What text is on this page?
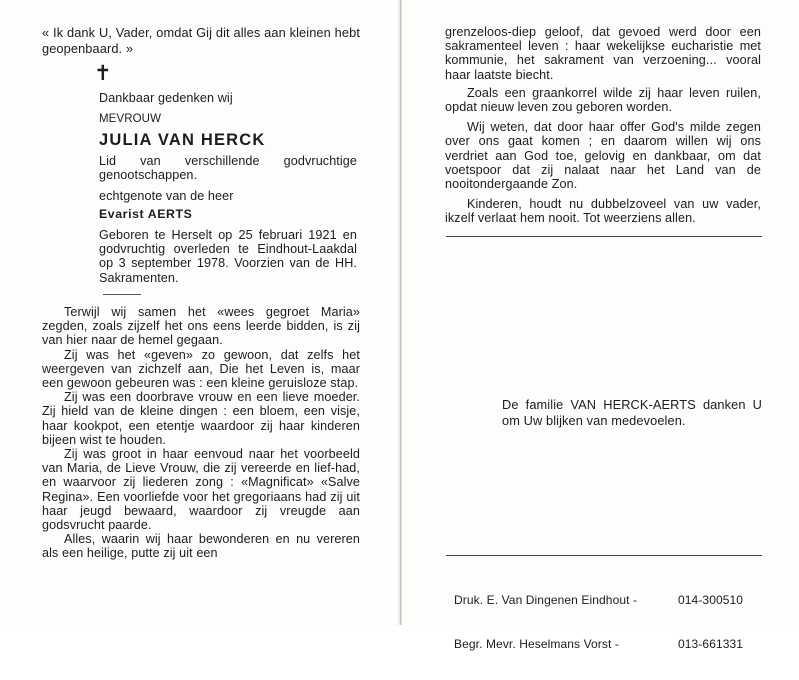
« Ik dank U, Vader, omdat Gij dit alles aan kleinen hebt geopenbaard. »

✝

Dankbaar gedenken wij

MEVROUW

JULIA VAN HERCK

Lid van verschillende godvruchtige genootschappen.

echtgenote van de heer

Evarist AERTS

Geboren te Herselt op 25 februari 1921 en godvruchtig overleden te Eindhout-Laakdal op 3 september 1978. Voorzien van de HH. Sakramenten.

Terwijl wij samen het «wees gegroet Maria» zegden, zoals zijzelf het ons eens leerde bidden, is zij van hier naar de hemel gegaan.

Zij was het «geven» zo gewoon, dat zelfs het weergeven van zichzelf aan, Die het Leven is, maar een gewoon gebeuren was : een kleine geruisloze stap.

Zij was een doorbrave vrouw en een lieve moeder. Zij hield van de kleine dingen : een bloem, een visje, haar kookpot, een etentje waardoor zij haar kinderen bijeen wist te houden.

Zij was groot in haar eenvoud naar het voorbeeld van Maria, de Lieve Vrouw, die zij vereerde en lief-had, en waarvoor zij liederen zong : «Magnificat» «Salve Regina». Een voorliefde voor het gregoriaans had zij uit haar jeugd bewaard, waardoor zij vreugde aan godsvrucht paarde.

Alles, waarin wij haar bewonderen en nu vereren als een heilige, putte zij uit een

grenzeloos-diep geloof, dat gevoed werd door een sakramenteel leven : haar wekelijkse eucharistie met kommunie, het sakrament van verzoening... vooral haar laatste biecht.

Zoals een graankorrel wilde zij haar leven ruilen, opdat nieuw leven zou geboren worden.

Wij weten, dat door haar offer God's milde zegen over ons gaat komen ; en daarom willen wij ons verdriet aan God toe, gelovig en dankbaar, om dat voetspoor dat zij nalaat naar het Land van de nooitondergaande Zon.

Kinderen, houdt nu dubbelzoveel van uw vader, ikzelf verlaat hem nooit. Tot weerziens allen.

De familie VAN HERCK-AERTS danken U om Uw blijken van medevoelen.

Druk. E. Van Dingenen Eindhout -	014-300510

Begr. Mevr. Heselmans Vorst -	013-661331
